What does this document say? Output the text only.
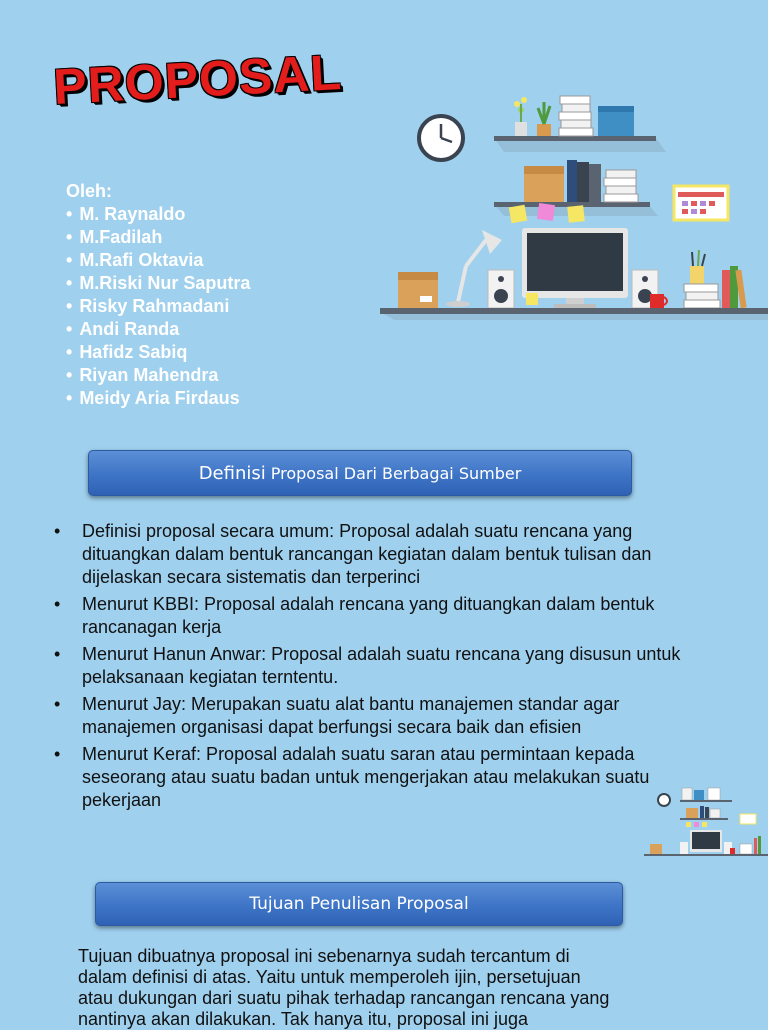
PROPOSAL
Oleh:
• M. Raynaldo
• M.Fadilah
• M.Rafi Oktavia
• M.Riski Nur Saputra
• Risky Rahmadani
• Andi Randa
• Hafidz Sabiq
• Riyan Mahendra
• Meidy Aria Firdaus
Definisi Proposal Dari Berbagai Sumber
• Definisi proposal secara umum: Proposal adalah suatu rencana yang dituangkan dalam bentuk rancangan kegiatan dalam bentuk tulisan dan dijelaskan secara sistematis dan terperinci
• Menurut KBBI: Proposal adalah rencana yang dituangkan dalam bentuk rancanagan kerja
• Menurut Hanun Anwar: Proposal adalah suatu rencana yang disusun untuk pelaksanaan kegiatan terntentu.
• Menurut Jay: Merupakan suatu alat bantu manajemen standar agar manajemen organisasi dapat berfungsi secara baik dan efisien
• Menurut Keraf: Proposal adalah suatu saran atau permintaan kepada seseorang atau suatu badan untuk mengerjakan atau melakukan suatu pekerjaan
Tujuan Penulisan Proposal

Tujuan dibuatnya proposal ini sebenarnya sudah tercantum di dalam definisi di atas. Yaitu untuk memperoleh ijin, persetujuan atau dukungan dari suatu pihak terhadap rancangan rencana yang nantinya akan dilakukan. Tak hanya itu, proposal ini juga
